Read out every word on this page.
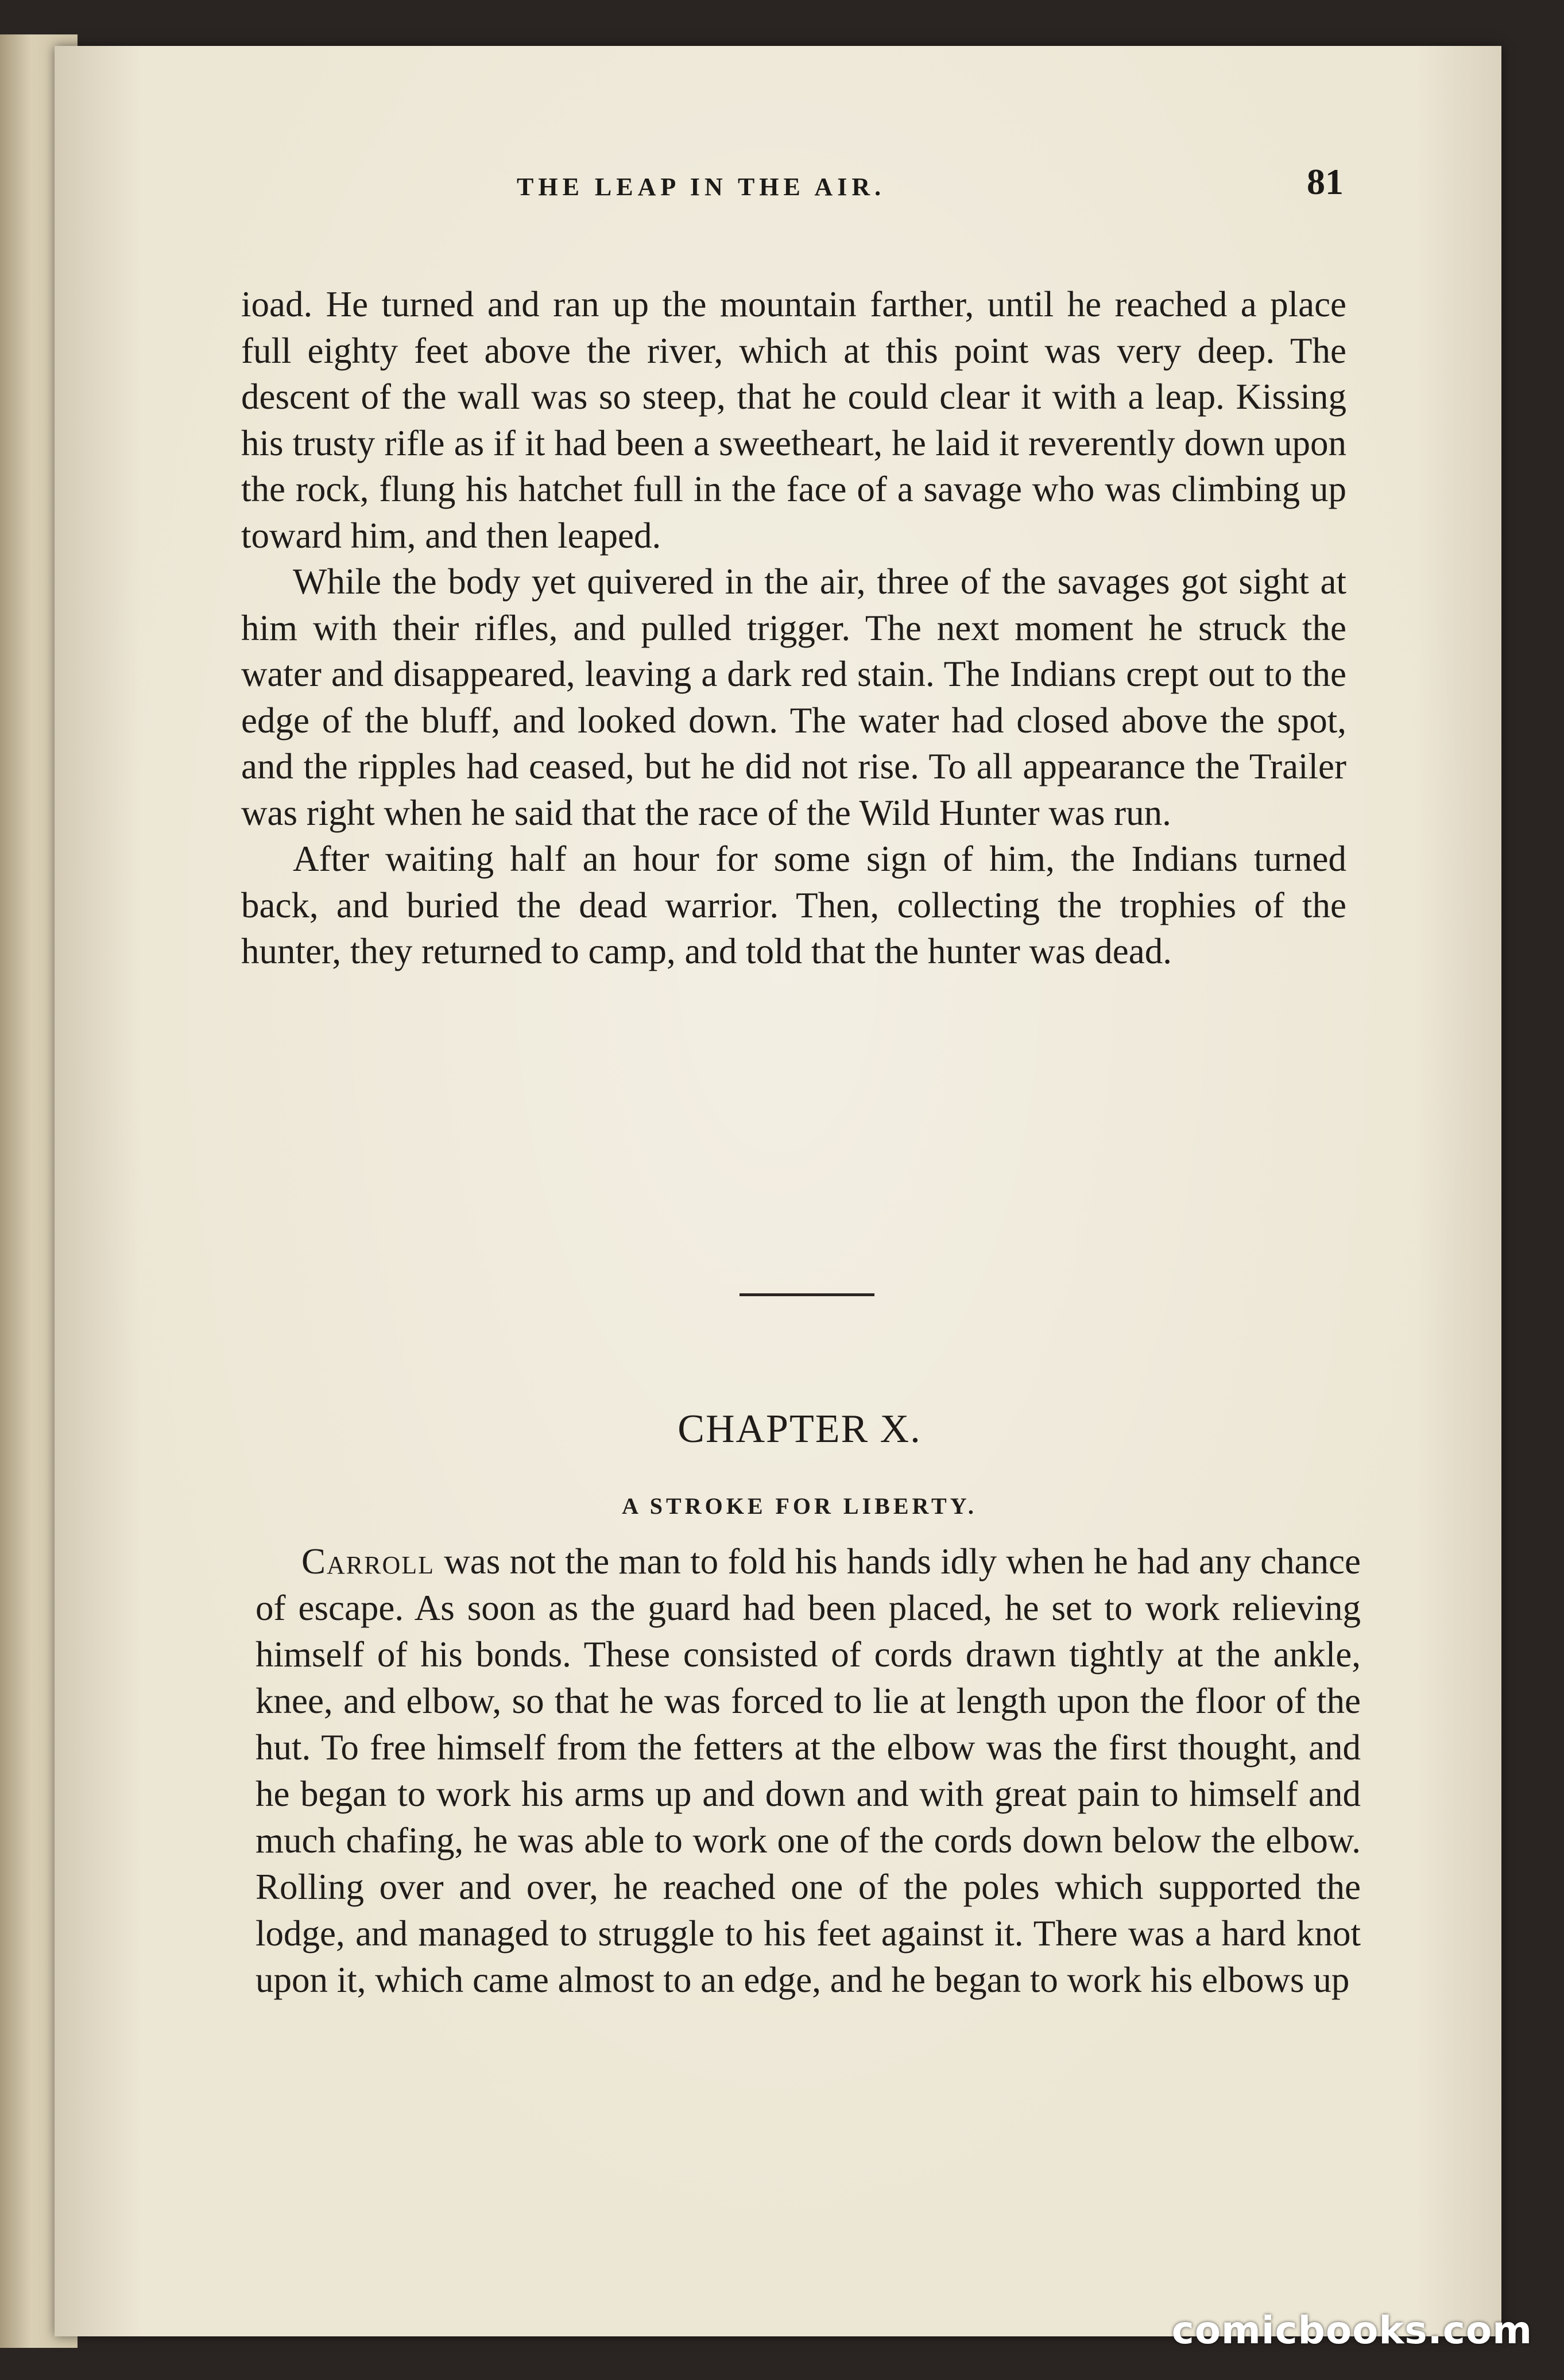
THE LEAP IN THE AIR.	81

ioad. He turned and ran up the mountain farther, until he reached a place full eighty feet above the river, which at this point was very deep. The descent of the wall was so steep, that he could clear it with a leap. Kissing his trusty rifle as if it had been a sweetheart, he laid it reverently down upon the rock, flung his hatchet full in the face of a savage who was climbing up toward him, and then leaped.

While the body yet quivered in the air, three of the savages got sight at him with their rifles, and pulled trigger. The next moment he struck the water and disappeared, leaving a dark red stain. The Indians crept out to the edge of the bluff, and looked down. The water had closed above the spot, and the ripples had ceased, but he did not rise. To all appearance the Trailer was right when he said that the race of the Wild Hunter was run.

After waiting half an hour for some sign of him, the Indians turned back, and buried the dead warrior. Then, collecting the trophies of the hunter, they returned to camp, and told that the hunter was dead.

CHAPTER X.
A STROKE FOR LIBERTY.

Carroll was not the man to fold his hands idly when he had any chance of escape. As soon as the guard had been placed, he set to work relieving himself of his bonds. These consisted of cords drawn tightly at the ankle, knee, and elbow, so that he was forced to lie at length upon the floor of the hut. To free himself from the fetters at the elbow was the first thought, and he began to work his arms up and down and with great pain to himself and much chafing, he was able to work one of the cords down below the elbow. Rolling over and over, he reached one of the poles which supported the lodge, and managed to struggle to his feet against it. There was a hard knot upon it, which came almost to an edge, and he began to work his elbows up

comicbooks.com
